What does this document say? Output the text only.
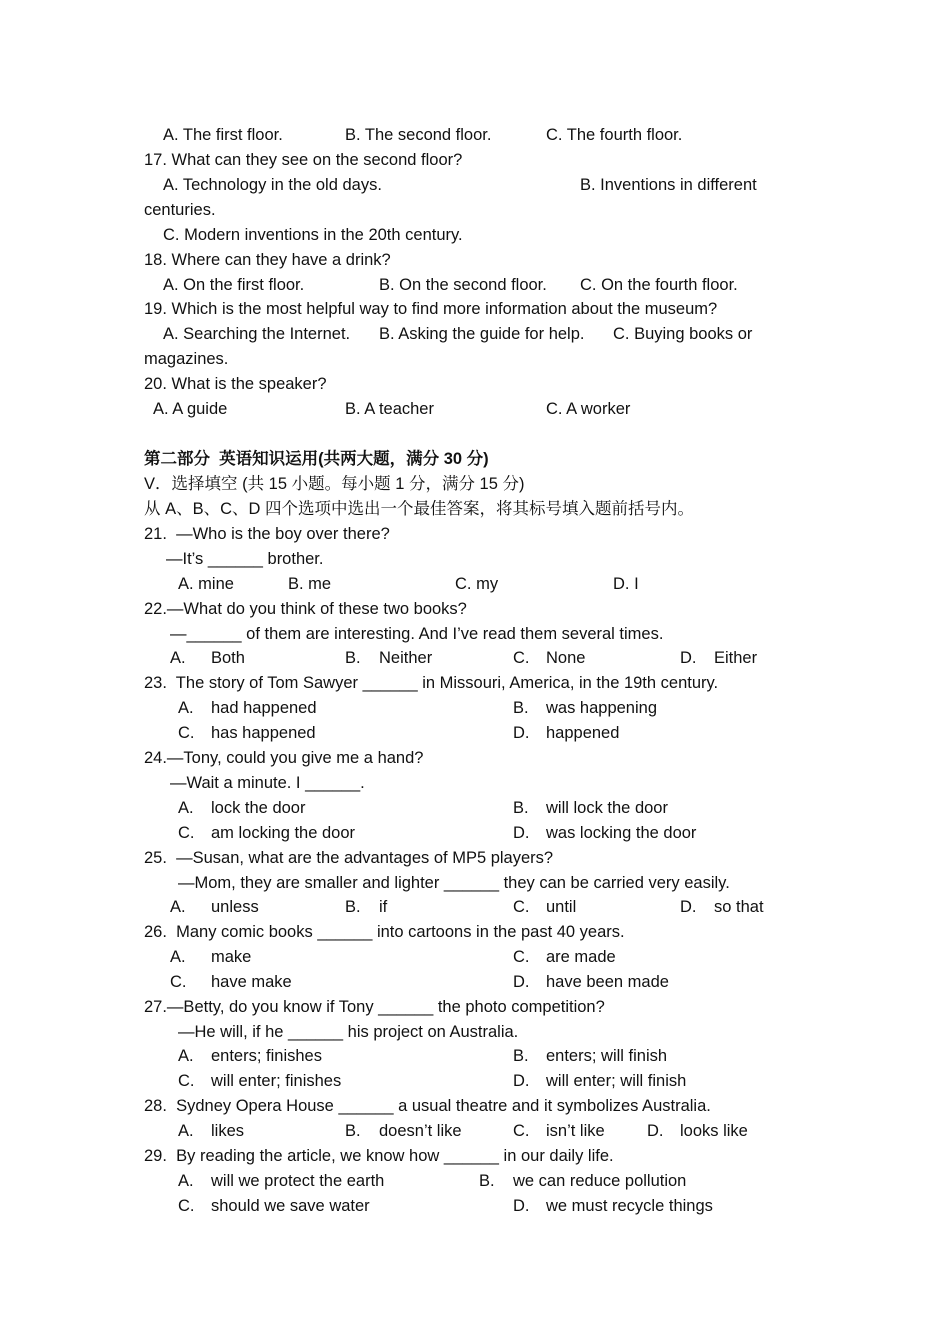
A. The first floor.	B. The second floor.	C. The fourth floor.
17. What can they see on the second floor?
A. Technology in the old days.	B. Inventions in different
centuries.
C. Modern inventions in the 20th century.
18. Where can they have a drink?
A. On the first floor.	B. On the second floor. C. On the fourth floor.
19. Which is the most helpful way to find more information about the museum?
A. Searching the Internet. B. Asking the guide for help. C. Buying books or
magazines.
20. What is the speaker?
A. A guide	B. A teacher	C. A worker
第二部分  英语知识运用(共两大题，满分 30 分)
V．选择填空 (共 15 小题。每小题 1 分，满分 15 分)
从 A、B、C、D 四个选项中选出一个最佳答案，将其标号填入题前括号内。
21.  —Who is the boy over there?
—It’s ______ brother.
A. mine	B. me	C. my	D. I
22.—What do you think of these two books?
—______ of them are interesting. And I’ve read them several times.
A. Both	B. Neither	C. None	D. Either
23.  The story of Tom Sawyer ______ in Missouri, America, in the 19th century.
A. had happened	B. was happening
C. has happened	D. happened
24.—Tony, could you give me a hand?
—Wait a minute. I ______.
A. lock the door	B. will lock the door
C. am locking the door	D. was locking the door
25.  —Susan, what are the advantages of MP5 players?
—Mom, they are smaller and lighter ______ they can be carried very easily.
A. unless	B. if	C. until	D. so that
26.  Many comic books ______ into cartoons in the past 40 years.
A. make	C. are made
C. have make	D. have been made
27.—Betty, do you know if Tony ______ the photo competition?
—He will, if he ______ his project on Australia.
A. enters; finishes	B. enters; will finish
C. will enter; finishes	D. will enter; will finish
28.  Sydney Opera House ______ a usual theatre and it symbolizes Australia.
A. likes	B. doesn’t like	C. isn’t like	D. looks like
29.  By reading the article, we know how ______ in our daily life.
A. will we protect the earth	B. we can reduce pollution
C. should we save water	D. we must recycle things
